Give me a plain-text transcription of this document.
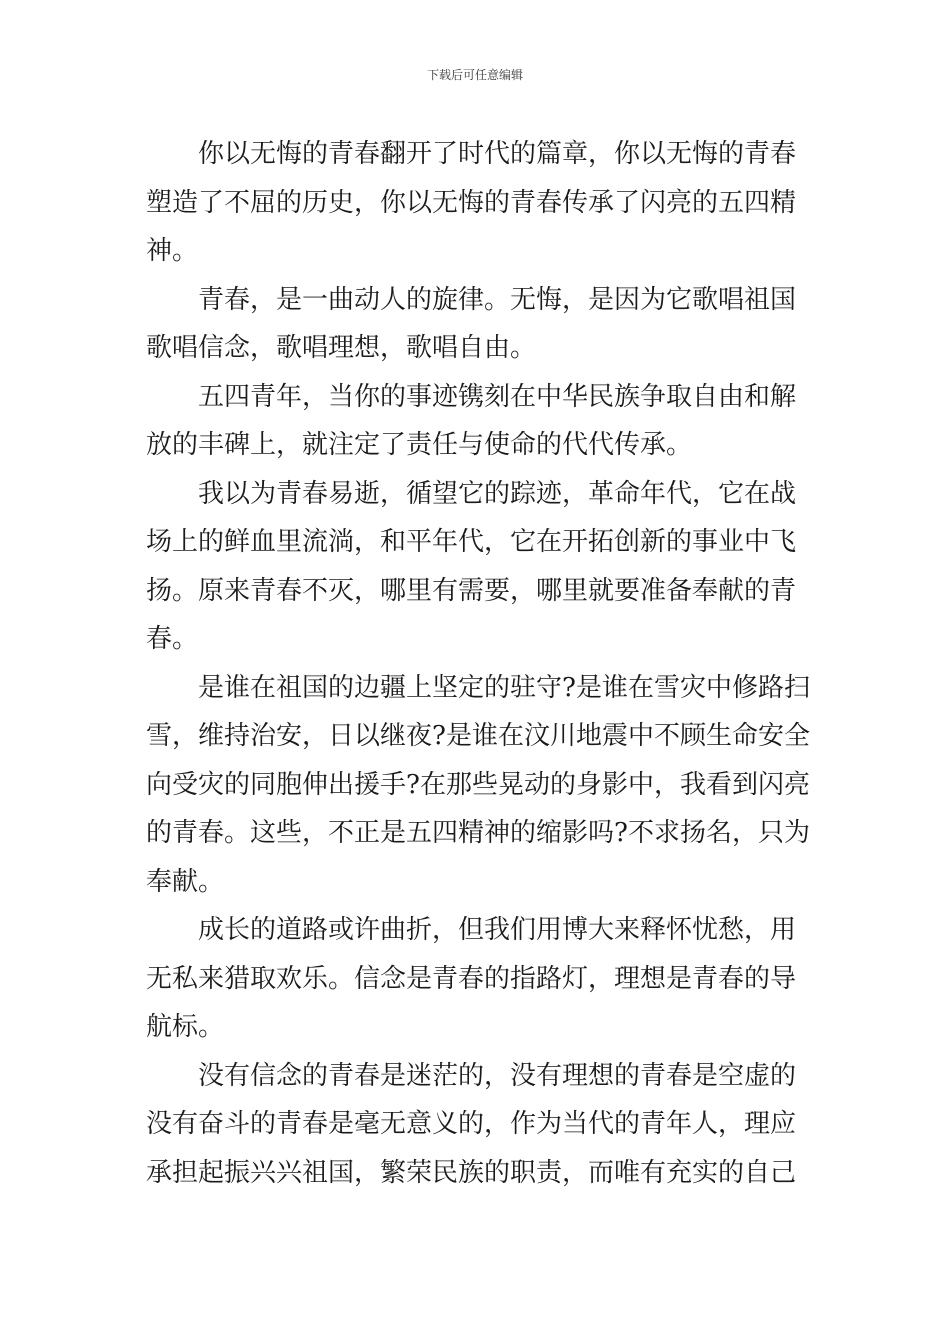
下载后可任意编辑

你以无悔的青春翻开了时代的篇章，你以无悔的青春
塑造了不屈的历史，你以无悔的青春传承了闪亮的五四精
神。

青春，是一曲动人的旋律。无悔，是因为它歌唱祖国
歌唱信念，歌唱理想，歌唱自由。

五四青年，当你的事迹镌刻在中华民族争取自由和解
放的丰碑上，就注定了责任与使命的代代传承。

我以为青春易逝，循望它的踪迹，革命年代，它在战
场上的鲜血里流淌，和平年代，它在开拓创新的事业中飞
扬。原来青春不灭，哪里有需要，哪里就要准备奉献的青
春。

是谁在祖国的边疆上坚定的驻守?是谁在雪灾中修路扫
雪，维持治安，日以继夜?是谁在汶川地震中不顾生命安全
向受灾的同胞伸出援手?在那些晃动的身影中，我看到闪亮
的青春。这些，不正是五四精神的缩影吗?不求扬名，只为
奉献。

成长的道路或许曲折，但我们用博大来释怀忧愁，用
无私来猎取欢乐。信念是青春的指路灯，理想是青春的导
航标。

没有信念的青春是迷茫的，没有理想的青春是空虚的
没有奋斗的青春是毫无意义的，作为当代的青年人，理应
承担起振兴兴祖国，繁荣民族的职责，而唯有充实的自己
